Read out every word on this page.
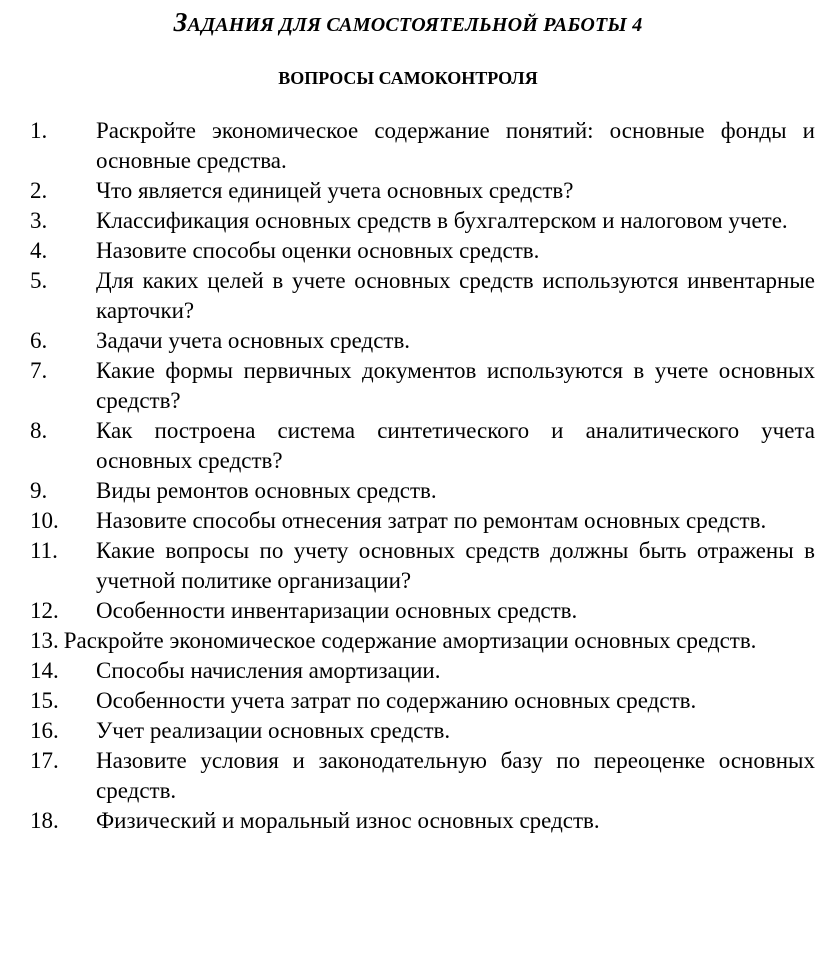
ЗАДАНИЯ ДЛЯ САМОСТОЯТЕЛЬНОЙ РАБОТЫ 4
ВОПРОСЫ САМОКОНТРОЛЯ
1. Раскройте экономическое содержание понятий: основные фонды и основные средства.
2. Что является единицей учета основных средств?
3. Классификация основных средств в бухгалтерском и налоговом учете.
4. Назовите способы оценки основных средств.
5. Для каких целей в учете основных средств используются инвентарные карточки?
6. Задачи учета основных средств.
7. Какие формы первичных документов используются в учете основных средств?
8. Как построена система синтетического и аналитического учета основных средств?
9. Виды ремонтов основных средств.
10. Назовите способы отнесения затрат по ремонтам основных средств.
11. Какие вопросы по учету основных средств должны быть отражены в учетной политике организации?
12. Особенности инвентаризации основных средств.
13. Раскройте экономическое содержание амортизации основных средств.
14. Способы начисления амортизации.
15. Особенности учета затрат по содержанию основных средств.
16. Учет реализации основных средств.
17. Назовите условия и законодательную базу по переоценке основных средств.
18. Физический и моральный износ основных средств.
